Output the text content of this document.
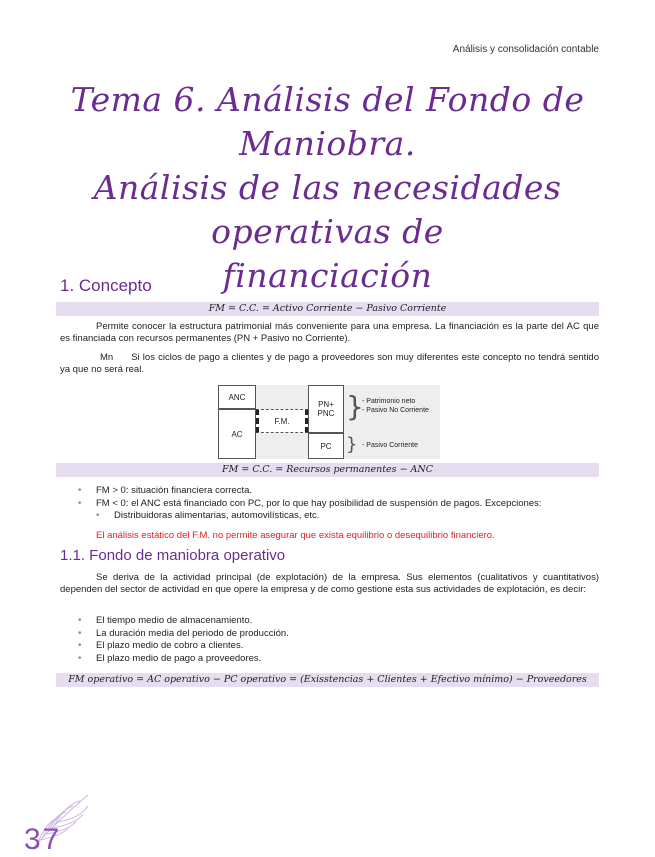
Análisis y consolidación contable
Tema 6. Análisis del Fondo de
Maniobra.
Análisis de las necesidades operativas de
financiación
1. Concepto
FM = C.C. = Activo Corriente − Pasivo Corriente
Permite conocer la estructura patrimonial más conveniente para una empresa. La financiación es la parte del AC que es financiada con recursos permanentes (PN + Pasivo no Corriente).
Mn Si los ciclos de pago a clientes y de pago a proveedores son muy diferentes este concepto no tendrá sentido ya que no será real.
ANC
AC
F.M.
PN+ PNC
PC
}
- Patrimonio neto
- Pasivo No Corriente
} - Pasivo Corriente
FM = C.C. = Recursos permanentes − ANC
• FM > 0: situación financiera correcta.
• FM < 0: el ANC está financiado con PC, por lo que hay posibilidad de suspensión de pagos. Excepciones:
• Distribuidoras alimentarias, automovilísticas, etc.
El análisis estático del F.M. no permite asegurar que exista equilibrio o desequilibrio financiero.
1.1. Fondo de maniobra operativo
Se deriva de la actividad principal (de explotación) de la empresa. Sus elementos (cualitativos y cuantitativos) dependen del sector de actividad en que opere la empresa y de como gestione esta sus actividades de explotación, es decir:
• El tiempo medio de almacenamiento.
• La duración media del periodo de producción.
• El plazo medio de cobro a clientes.
• El plazo medio de pago a proveedores.
FM operativo = AC operativo − PC operativo = (Exisstencias + Clientes + Efectivo mínimo) − Proveedores
37
